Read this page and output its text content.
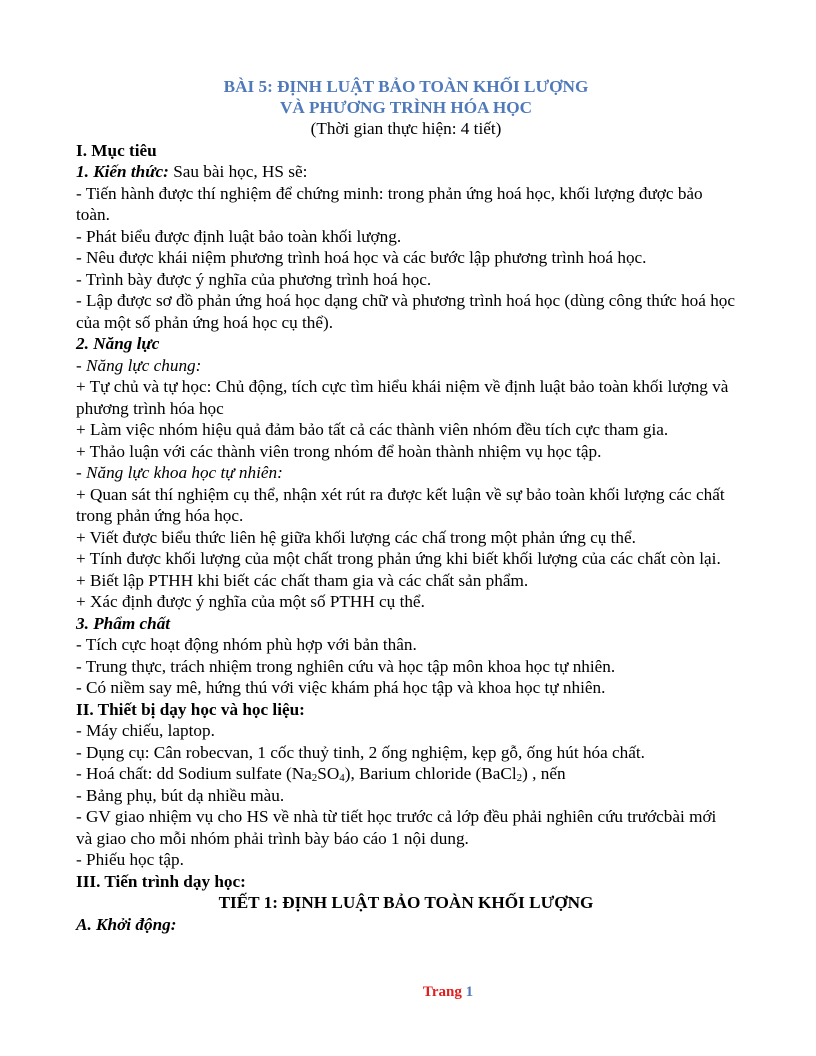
BÀI 5: ĐỊNH LUẬT BẢO TOÀN KHỐI LƯỢNG
VÀ PHƯƠNG TRÌNH HÓA HỌC
(Thời gian thực hiện: 4 tiết)
I. Mục tiêu
1. Kiến thức: Sau bài học, HS sẽ:
- Tiến hành được thí nghiệm để chứng minh: trong phản ứng hoá học, khối lượng được bảo toàn.
- Phát biểu được định luật bảo toàn khối lượng.
- Nêu được khái niệm phương trình hoá học và các bước lập phương trình hoá học.
- Trình bày được ý nghĩa của phương trình hoá học.
- Lập được sơ đồ phản ứng hoá học dạng chữ và phương trình hoá học (dùng công thức hoá học của một số phản ứng hoá học cụ thể).
2. Năng lực
- Năng lực chung:
+ Tự chủ và tự học: Chủ động, tích cực tìm hiểu khái niệm về định luật bảo toàn khối lượng và phương trình hóa học
+ Làm việc nhóm hiệu quả đảm bảo tất cả các thành viên nhóm đều tích cực tham gia.
+ Thảo luận với các thành viên trong nhóm để hoàn thành nhiệm vụ học tập.
- Năng lực khoa học tự nhiên:
+ Quan sát thí nghiệm cụ thể, nhận xét rút ra được kết luận về sự bảo toàn khối lượng các chất trong phản ứng hóa học.
+ Viết được biểu thức liên hệ giữa khối lượng các chấ trong một phản ứng cụ thể.
+ Tính được khối lượng của một chất trong phản ứng khi biết khối lượng của các chất còn lại.
+ Biết lập PTHH khi biết các chất tham gia và các chất sản phẩm.
+ Xác định được ý nghĩa của một số PTHH cụ thể.
3. Phẩm chất
- Tích cực hoạt động nhóm phù hợp với bản thân.
- Trung thực, trách nhiệm trong nghiên cứu và học tập môn khoa học tự nhiên.
- Có niềm say mê, hứng thú với việc khám phá học tập và khoa học tự nhiên.
II. Thiết bị dạy học và học liệu:
- Máy chiếu, laptop.
- Dụng cụ: Cân robecvan, 1 cốc thuỷ tinh, 2 ống nghiệm, kẹp gỗ, ống hút hóa chất.
- Hoá chất: dd Sodium sulfate $(Na_2SO_4)$, Barium chloride (BaCl$_2$) , nến
- Bảng phụ, bút dạ nhiều màu.
- GV giao nhiệm vụ cho HS về nhà từ tiết học trước cả lớp đều phải nghiên cứu trướcbài mới và giao cho mỗi nhóm phải trình bày báo cáo 1 nội dung.
- Phiếu học tập.
III. Tiến trình dạy học:
TIẾT 1: ĐỊNH LUẬT BẢO TOÀN KHỐI LƯỢNG
A. Khởi động:
Trang 1
